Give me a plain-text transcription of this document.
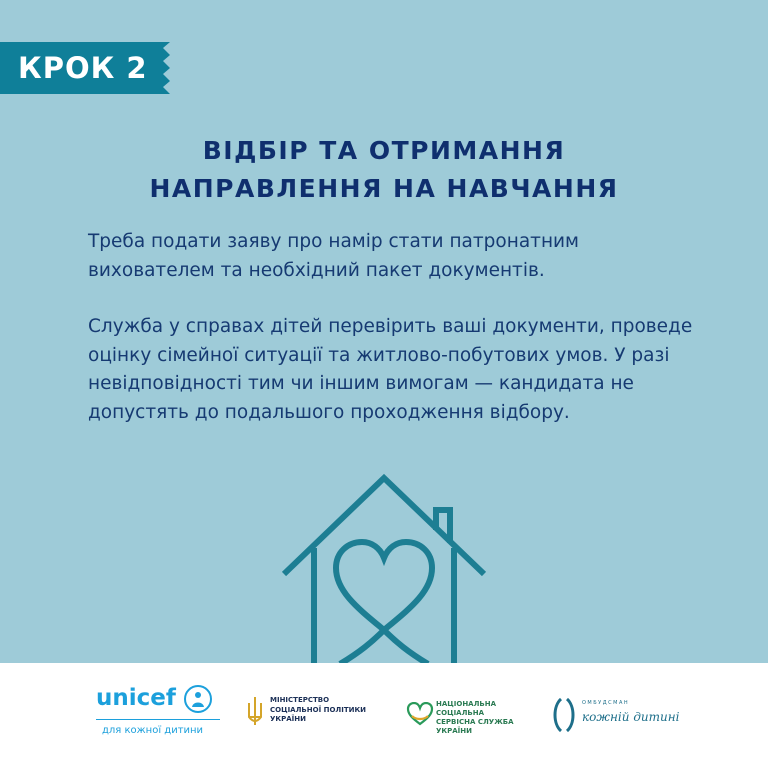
КРОК 2
ВІДБІР ТА ОТРИМАННЯ
НАПРАВЛЕННЯ НА НАВЧАННЯ
Треба подати заяву про намір стати патронатним вихователем та необхідний пакет документів.
Служба у справах дітей перевірить ваші документи, проведе оцінку сімейної ситуації та житлово-побутових умов. У разі невідповідності тим чи іншим вимогам — кандидата не допустять до подальшого проходження відбору.
unicef
для кожної дитини
МІНІСТЕРСТВО СОЦІАЛЬНОЇ ПОЛІТИКИ УКРАЇНИ
НАЦІОНАЛЬНА СОЦІАЛЬНА СЕРВІСНА СЛУЖБА УКРАЇНИ
ОМБУДСМАН
кожній дитині
